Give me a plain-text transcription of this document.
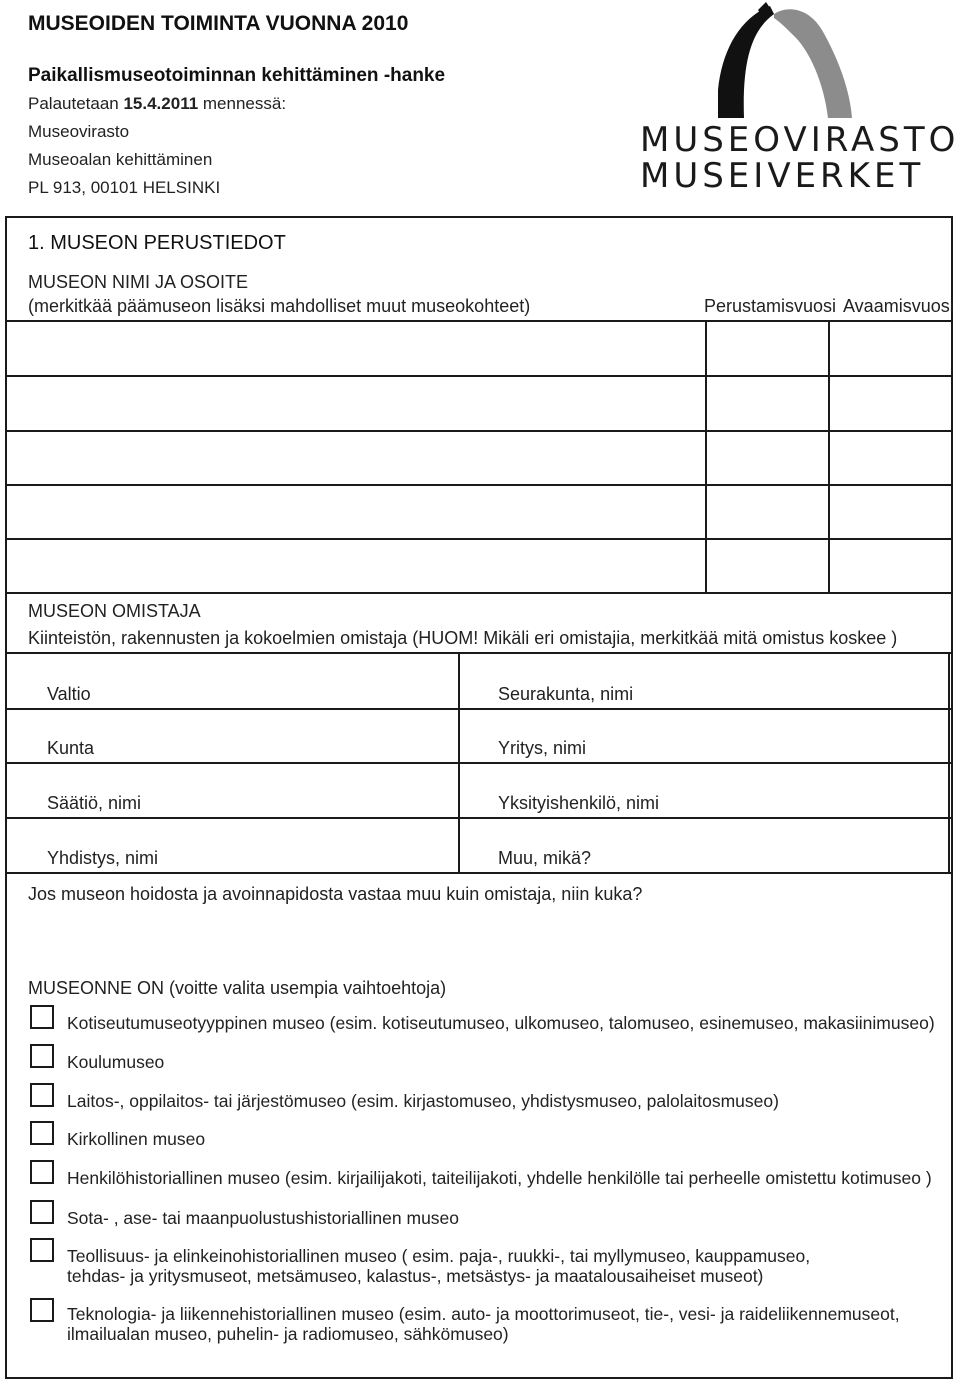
MUSEOIDEN TOIMINTA VUONNA 2010
Paikallismuseotoiminnan kehittäminen -hanke
Palautetaan 15.4.2011 mennessä:
Museovirasto
Museoalan kehittäminen
PL 913, 00101 HELSINKI
MUSEOVIRASTO
MUSEIVERKET
1. MUSEON PERUSTIEDOT
MUSEON NIMI JA OSOITE
(merkitkää päämuseon lisäksi mahdolliset muut museokohteet)	Perustamisvuosi Avaamisvuosi
MUSEON OMISTAJA
Kiinteistön, rakennusten ja kokoelmien omistaja (HUOM! Mikäli eri omistajia, merkitkää mitä omistus koskee )
Valtio
Kunta
Säätiö, nimi
Yhdistys, nimi
Seurakunta, nimi
Yritys, nimi
Yksityishenkilö, nimi
Muu, mikä?
Jos museon hoidosta ja avoinnapidosta vastaa muu kuin omistaja, niin kuka?
MUSEONNE ON (voitte valita usempia vaihtoehtoja)
Kotiseutumuseotyyppinen museo (esim. kotiseutumuseo, ulkomuseo, talomuseo, esinemuseo, makasiinimuseo)
Koulumuseo
Laitos-, oppilaitos- tai järjestömuseo (esim. kirjastomuseo, yhdistysmuseo, palolaitosmuseo)
Kirkollinen museo
Henkilöhistoriallinen museo (esim. kirjailijakoti, taiteilijakoti, yhdelle henkilölle tai perheelle omistettu kotimuseo )
Sota- , ase- tai maanpuolustushistoriallinen museo
Teollisuus- ja elinkeinohistoriallinen museo ( esim. paja-, ruukki-, tai myllymuseo, kauppamuseo,
tehdas- ja yritysmuseot, metsämuseo, kalastus-, metsästys- ja maatalousaiheiset museot)
Teknologia- ja liikennehistoriallinen museo (esim. auto- ja moottorimuseot, tie-, vesi- ja raideliikennemuseot,
ilmailualan museo, puhelin- ja radiomuseo, sähkömuseo)
